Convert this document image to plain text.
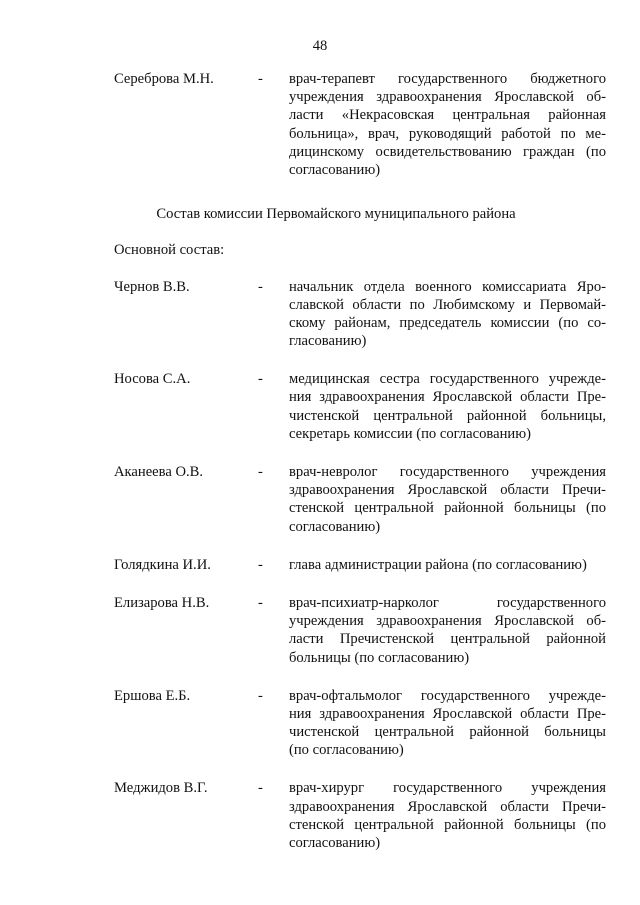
48
Сереброва М.Н.	-	врач-терапевт государственного бюджетного
учреждения здравоохранения Ярославской об-
ласти «Некрасовская центральная районная
больница», врач, руководящий работой по ме-
дицинскому освидетельствованию граждан (по
согласованию)
Состав комиссии Первомайского муниципального района
Основной состав:
Чернов В.В.	-	начальник отдела военного комиссариата Яро-
славской области по Любимскому и Первомай-
скому районам, председатель комиссии (по со-
гласованию)
Носова С.А.	-	медицинская сестра государственного учрежде-
ния здравоохранения Ярославской области Пре-
чистенской центральной районной больницы,
секретарь комиссии (по согласованию)
Аканеева О.В.	-	врач-невролог государственного учреждения
здравоохранения Ярославской области Пречи-
стенской центральной районной больницы (по
согласованию)
Голядкина И.И.	-	глава администрации района (по согласованию)
Елизарова Н.В.	-	врач-психиатр-нарколог государственного
учреждения здравоохранения Ярославской об-
ласти Пречистенской центральной районной
больницы (по согласованию)
Ершова Е.Б.	-	врач-офтальмолог государственного учрежде-
ния здравоохранения Ярославской области Пре-
чистенской центральной районной больницы
(по согласованию)
Меджидов В.Г.	-	врач-хирург государственного учреждения
здравоохранения Ярославской области Пречи-
стенской центральной районной больницы (по
согласованию)
